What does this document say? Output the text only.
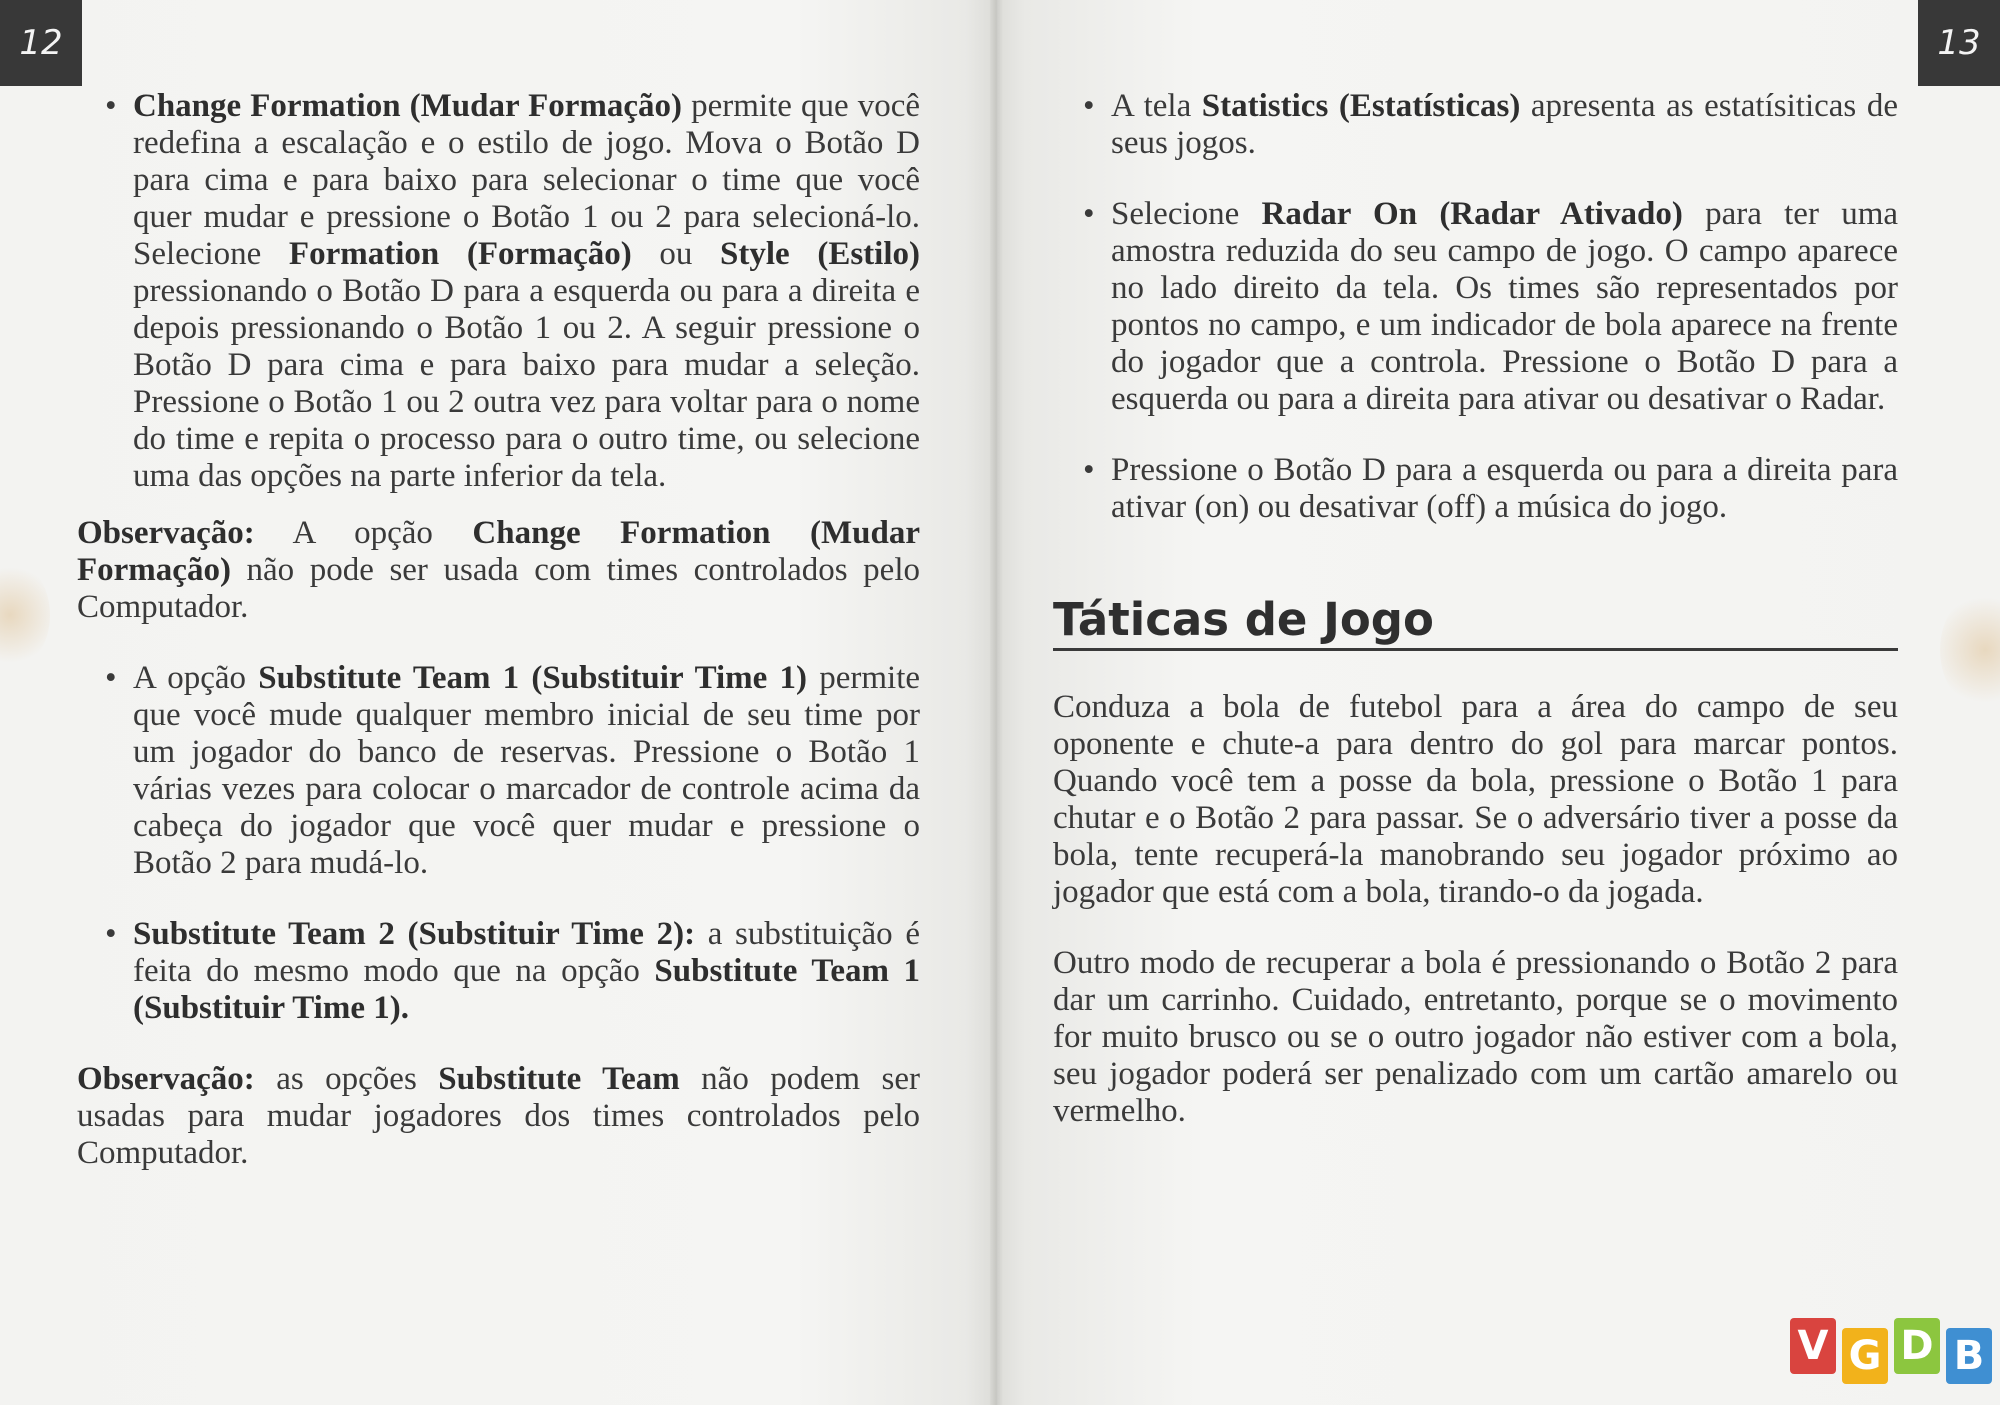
12	13

• Change Formation (Mudar Formação) permite que você redefina a escalação e o estilo de jogo. Mova o Botão D para cima e para baixo para selecionar o time que você quer mudar e pressione o Botão 1 ou 2 para selecioná-lo. Selecione Formation (Formação) ou Style (Estilo) pressionando o Botão D para a esquerda ou para a direita e depois pressionando o Botão 1 ou 2. A seguir pressione o Botão D para cima e para baixo para mudar a seleção. Pressione o Botão 1 ou 2 outra vez para voltar para o nome do time e repita o processo para o outro time, ou selecione uma das opções na parte inferior da tela.

Observação: A opção Change Formation (Mudar Formação) não pode ser usada com times controlados pelo Computador.

• A opção Substitute Team 1 (Substituir Time 1) permite que você mude qualquer membro inicial de seu time por um jogador do banco de reservas. Pressione o Botão 1 várias vezes para colocar o marcador de controle acima da cabeça do jogador que você quer mudar e pressione o Botão 2 para mudá-lo.

• Substitute Team 2 (Substituir Time 2): a substituição é feita do mesmo modo que na opção Substitute Team 1 (Substituir Time 1).

Observação: as opções Substitute Team não podem ser usadas para mudar jogadores dos times controlados pelo Computador.

• A tela Statistics (Estatísticas) apresenta as estatísiticas de seus jogos.

• Selecione Radar On (Radar Ativado) para ter uma amostra reduzida do seu campo de jogo. O campo aparece no lado direito da tela. Os times são representados por pontos no campo, e um indicador de bola aparece na frente do jogador que a controla. Pressione o Botão D para a esquerda ou para a direita para ativar ou desativar o Radar.

• Pressione o Botão D para a esquerda ou para a direita para ativar (on) ou desativar (off) a música do jogo.

Táticas de Jogo

Conduza a bola de futebol para a área do campo de seu oponente e chute-a para dentro do gol para marcar pontos. Quando você tem a posse da bola, pressione o Botão 1 para chutar e o Botão 2 para passar. Se o adversário tiver a posse da bola, tente recuperá-la manobrando seu jogador próximo ao jogador que está com a bola, tirando-o da jogada.

Outro modo de recuperar a bola é pressionando o Botão 2 para dar um carrinho. Cuidado, entretanto, porque se o movimento for muito brusco ou se o outro jogador não estiver com a bola, seu jogador poderá ser penalizado com um cartão amarelo ou vermelho.

V G D B
